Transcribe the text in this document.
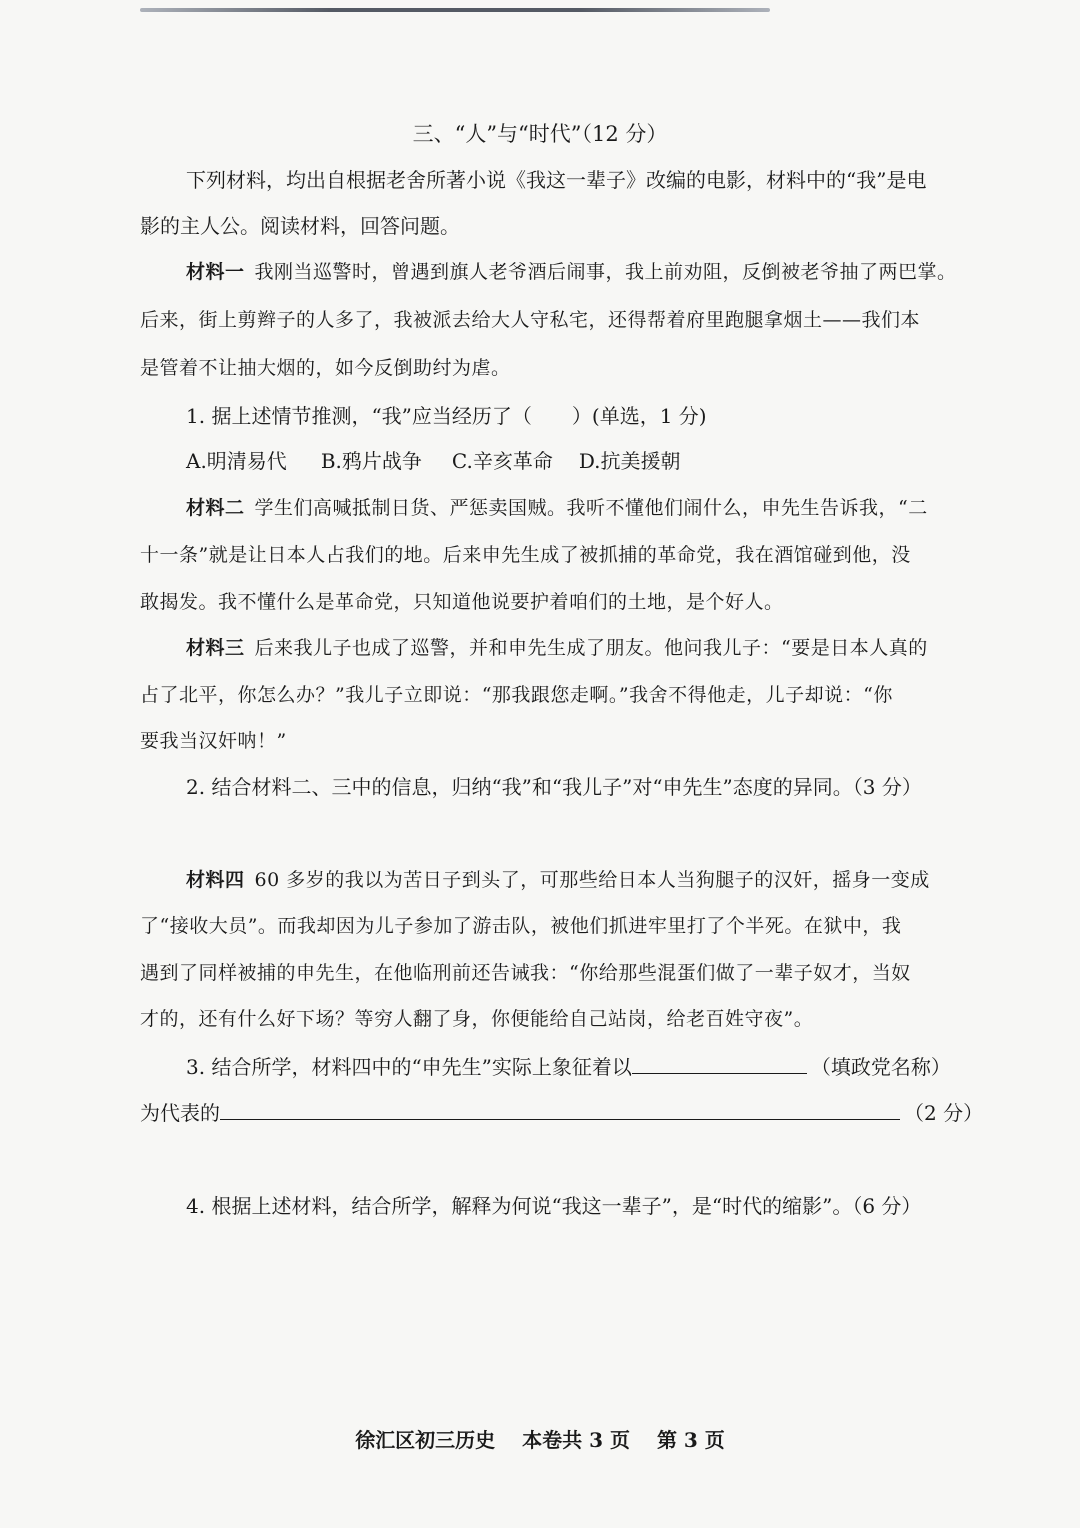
三、“人”与“时代”（12 分）
下列材料，均出自根据老舍所著小说《我这一辈子》改编的电影，材料中的“我”是电
影的主人公。阅读材料，回答问题。
材料一 我刚当巡警时，曾遇到旗人老爷酒后闹事，我上前劝阻，反倒被老爷抽了两巴掌。
后来，街上剪辫子的人多了，我被派去给大人守私宅，还得帮着府里跑腿拿烟土——我们本
是管着不让抽大烟的，如今反倒助纣为虐。
1. 据上述情节推测，“我”应当经历了（　　）(单选，1 分)
A.明清易代 B.鸦片战争 C.辛亥革命 D.抗美援朝
材料二 学生们高喊抵制日货、严惩卖国贼。我听不懂他们闹什么，申先生告诉我，“二
十一条”就是让日本人占我们的地。后来申先生成了被抓捕的革命党，我在酒馆碰到他，没
敢揭发。我不懂什么是革命党，只知道他说要护着咱们的土地，是个好人。
材料三 后来我儿子也成了巡警，并和申先生成了朋友。他问我儿子：“要是日本人真的
占了北平，你怎么办？”我儿子立即说：“那我跟您走啊。”我舍不得他走，儿子却说：“你
要我当汉奸呐！”
2. 结合材料二、三中的信息，归纳“我”和“我儿子”对“申先生”态度的异同。（3 分）
材料四 60 多岁的我以为苦日子到头了，可那些给日本人当狗腿子的汉奸，摇身一变成
了“接收大员”。而我却因为儿子参加了游击队，被他们抓进牢里打了个半死。在狱中，我
遇到了同样被捕的申先生，在他临刑前还告诫我：“你给那些混蛋们做了一辈子奴才，当奴
才的，还有什么好下场？等穷人翻了身，你便能给自己站岗，给老百姓守夜”。
3. 结合所学，材料四中的“申先生”实际上象征着以	（填政党名称）
为代表的	（2 分）
4. 根据上述材料，结合所学，解释为何说“我这一辈子”，是“时代的缩影”。（6 分）
徐汇区初三历史 本卷共 3 页 第 3 页
